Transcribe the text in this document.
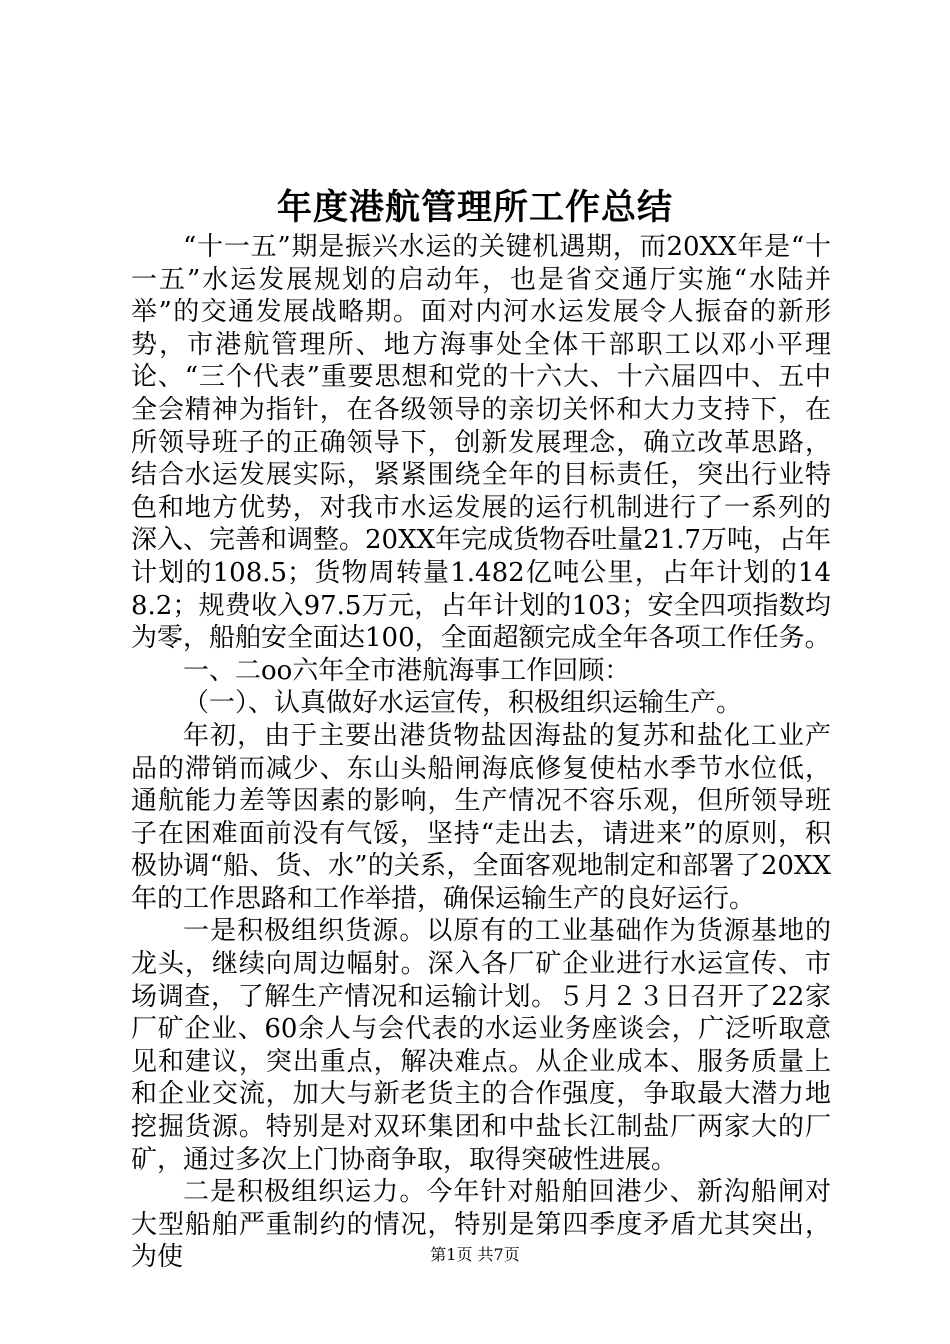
年度港航管理所工作总结

“十一五”期是振兴水运的关键机遇期，而20XX年是“十一五”水运发展规划的启动年，也是省交通厅实施“水陆并举”的交通发展战略期。面对内河水运发展令人振奋的新形势，市港航管理所、地方海事处全体干部职工以邓小平理论、“三个代表”重要思想和党的十六大、十六届四中、五中全会精神为指针，在各级领导的亲切关怀和大力支持下，在所领导班子的正确领导下，创新发展理念，确立改革思路，结合水运发展实际，紧紧围绕全年的目标责任，突出行业特色和地方优势，对我市水运发展的运行机制进行了一系列的深入、完善和调整。20XX年完成货物吞吐量21.7万吨，占年计划的108.5；货物周转量1.482亿吨公里，占年计划的148.2；规费收入97.5万元，占年计划的103；安全四项指数均为零，船舶安全面达100，全面超额完成全年各项工作任务。

一、二oo六年全市港航海事工作回顾：

（一）、认真做好水运宣传，积极组织运输生产。

年初，由于主要出港货物盐因海盐的复苏和盐化工业产品的滞销而减少、东山头船闸海底修复使枯水季节水位低，通航能力差等因素的影响，生产情况不容乐观，但所领导班子在困难面前没有气馁，坚持“走出去，请进来”的原则，积极协调“船、货、水”的关系，全面客观地制定和部署了20XX年的工作思路和工作举措，确保运输生产的良好运行。

一是积极组织货源。以原有的工业基础作为货源基地的龙头，继续向周边幅射。深入各厂矿企业进行水运宣传、市场调查，了解生产情况和运输计划。５月２３日召开了22家厂矿企业、60余人与会代表的水运业务座谈会，广泛听取意见和建议，突出重点，解决难点。从企业成本、服务质量上和企业交流，加大与新老货主的合作强度，争取最大潜力地挖掘货源。特别是对双环集团和中盐长江制盐厂两家大的厂矿，通过多次上门协商争取，取得突破性进展。

二是积极组织运力。今年针对船舶回港少、新沟船闸对大型船舶严重制约的情况，特别是第四季度矛盾尤其突出，为使	第1页 共7页
